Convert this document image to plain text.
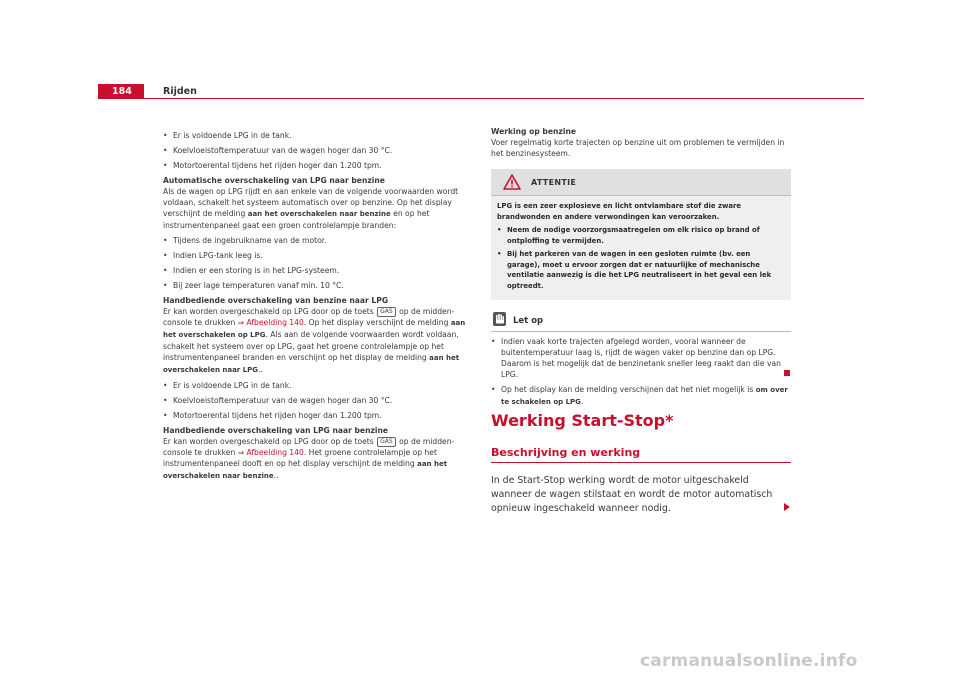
184	Rijden
• Er is voldoende LPG in de tank.
• Koelvloeistoftemperatuur van de wagen hoger dan 30 °C.
• Motortoerental tijdens het rijden hoger dan 1.200 tpm.

Automatische overschakeling van LPG naar benzine

Als de wagen op LPG rijdt en aan enkele van de volgende voorwaarden wordt voldaan, schakelt het systeem automatisch over op benzine. Op het display verschijnt de melding aan het overschakelen naar benzine en op het instrumentenpaneel gaat een groen controlelampje branden:

• Tijdens de ingebruikname van de motor.
• Indien LPG-tank leeg is.
• Indien er een storing is in het LPG-systeem.
• Bij zeer lage temperaturen vanaf min. 10 °C.

Handbediende overschakeling van benzine naar LPG

Er kan worden overgeschakeld op LPG door op de toets GAS op de midden-console te drukken ⇒ Afbeelding 140. Op het display verschijnt de melding aan het overschakelen op LPG. Als aan de volgende voorwaarden wordt voldaan, schakelt het systeem over op LPG, gaat het groene controlelampje op het instrumentenpaneel branden en verschijnt op het display de melding aan het overschakelen naar LPG..

• Er is voldoende LPG in de tank.
• Koelvloeistoftemperatuur van de wagen hoger dan 30 °C.
• Motortoerental tijdens het rijden hoger dan 1.200 tpm.

Handbediende overschakeling van LPG naar benzine

Er kan worden overgeschakeld op LPG door op de toets GAS op de midden-console te drukken ⇒ Afbeelding 140. Het groene controlelampje op het instrumentenpaneel dooft en op het display verschijnt de melding aan het overschakelen naar benzine..

Werking op benzine

Voer regelmatig korte trajecten op benzine uit om problemen te vermijden in het benzinesysteem.

ATTENTIE
LPG is een zeer explosieve en licht ontvlambare stof die zware brandwonden en andere verwondingen kan veroorzaken.
• Neem de nodige voorzorgsmaatregelen om elk risico op brand of ontploffing te vermijden.
• Bij het parkeren van de wagen in een gesloten ruimte (bv. een garage), moet u ervoor zorgen dat er natuurlijke of mechanische ventilatie aanwezig is die het LPG neutraliseert in het geval een lek optreedt.
Let op
• Indien vaak korte trajecten afgelegd worden, vooral wanneer de buitentemperatuur laag is, rijdt de wagen vaker op benzine dan op LPG. Daarom is het mogelijk dat de benzinetank sneller leeg raakt dan die van LPG.
• Op het display kan de melding verschijnen dat het niet mogelijk is om over te schakelen op LPG.
Werking Start-Stop*
Beschrijving en werking

In de Start-Stop werking wordt de motor uitgeschakeld wanneer de wagen stilstaat en wordt de motor automatisch opnieuw ingeschakeld wanneer nodig.

carmanualsonline.info
